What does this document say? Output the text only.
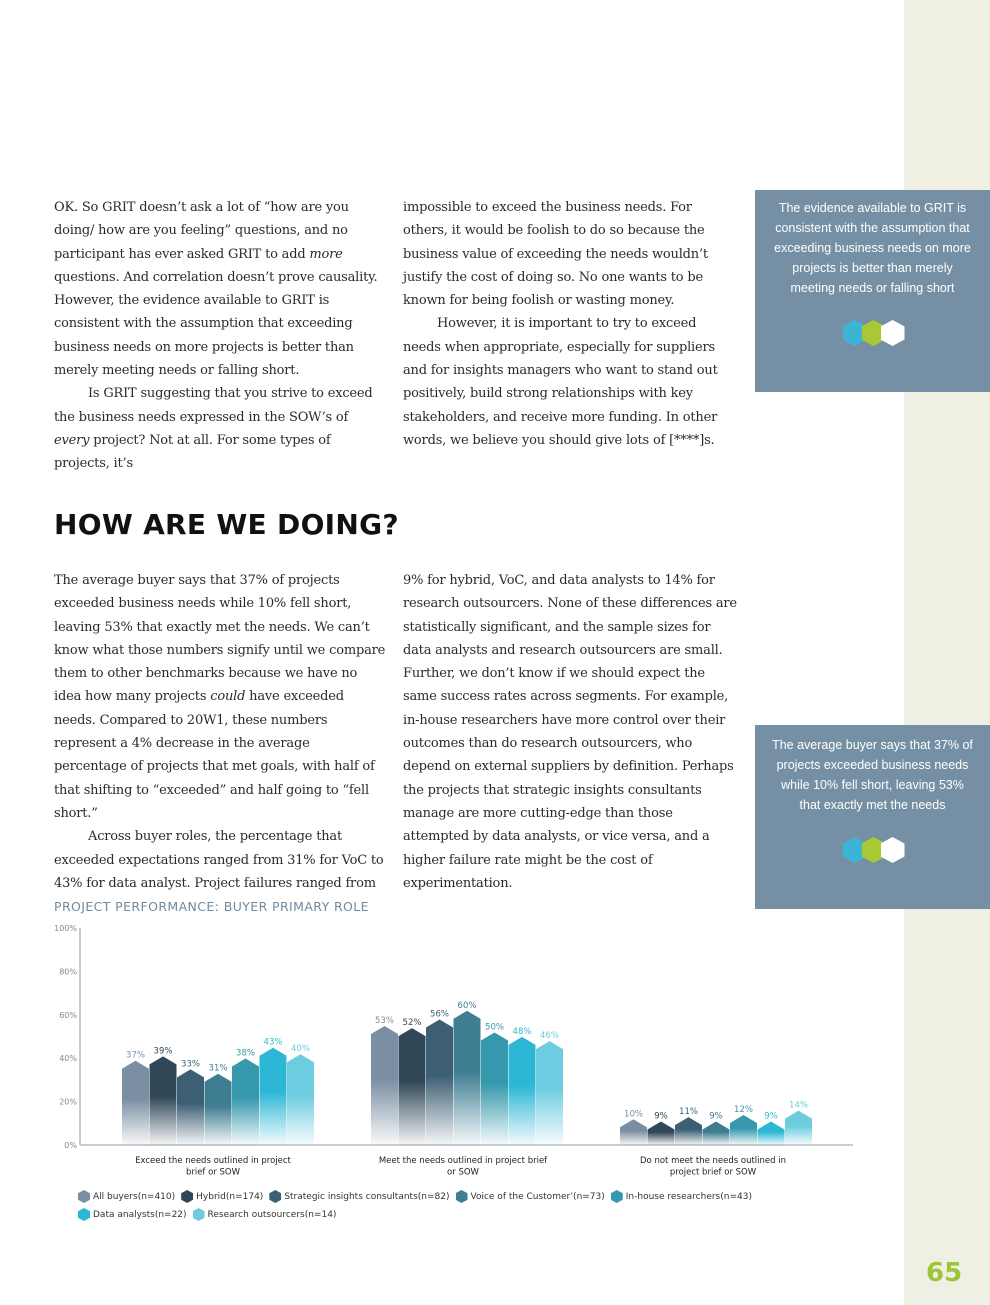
OK. So GRIT doesn’t ask a lot of “how are you doing/ how are you feeling” questions, and no participant has ever asked GRIT to add more questions. And correlation doesn’t prove causality. However, the evidence available to GRIT is consistent with the assumption that exceeding business needs on more projects is better than merely meeting needs or falling short.

Is GRIT suggesting that you strive to exceed the business needs expressed in the SOW’s of every project? Not at all. For some types of projects, it’s

impossible to exceed the business needs. For others, it would be foolish to do so because the business value of exceeding the needs wouldn’t justify the cost of doing so. No one wants to be known for being foolish or wasting money.

However, it is important to try to exceed needs when appropriate, especially for suppliers and for insights managers who want to stand out positively, build strong relationships with key stakeholders, and receive more funding. In other words, we believe you should give lots of [****]s.

HOW ARE WE DOING?

The average buyer says that 37% of projects exceeded business needs while 10% fell short, leaving 53% that exactly met the needs. We can’t know what those numbers signify until we compare them to other benchmarks because we have no idea how many projects could have exceeded needs. Compared to 20W1, these numbers represent a 4% decrease in the average percentage of projects that met goals, with half of that shifting to “exceeded” and half going to “fell short.”

Across buyer roles, the percentage that exceeded expectations ranged from 31% for VoC to 43% for data analyst. Project failures ranged from

9% for hybrid, VoC, and data analysts to 14% for research outsourcers. None of these differences are statistically significant, and the sample sizes for data analysts and research outsourcers are small. Further, we don’t know if we should expect the same success rates across segments. For example, in-house researchers have more control over their outcomes than do research outsourcers, who depend on external suppliers by definition. Perhaps the projects that strategic insights consultants manage are more cutting-edge than those attempted by data analysts, or vice versa, and a higher failure rate might be the cost of experimentation.

The evidence available to GRIT is consistent with the assumption that exceeding business needs on more projects is better than merely meeting needs or falling short
The average buyer says that 37% of projects exceeded business needs while 10% fell short, leaving 53% that exactly met the needs
PROJECT PERFORMANCE: BUYER PRIMARY ROLE
0%
20%
40%
60%
80%
100%
37%
53%
10%
39%
52%
9%
33%
56%
11%
31%
60%
9%
38%
50%
12%
43%
48%
9%
40%
46%
14%
Exceed the needs outlined in project
brief or SOW
Meet the needs outlined in project brief
or SOW
Do not meet the needs outlined in
project brief or SOW
All buyers(n=410) Hybrid(n=174) Strategic insights consultants(n=82) Voice of the Customer’(n=73) In-house researchers(n=43)

Data analysts(n=22) Research outsourcers(n=14)
65
